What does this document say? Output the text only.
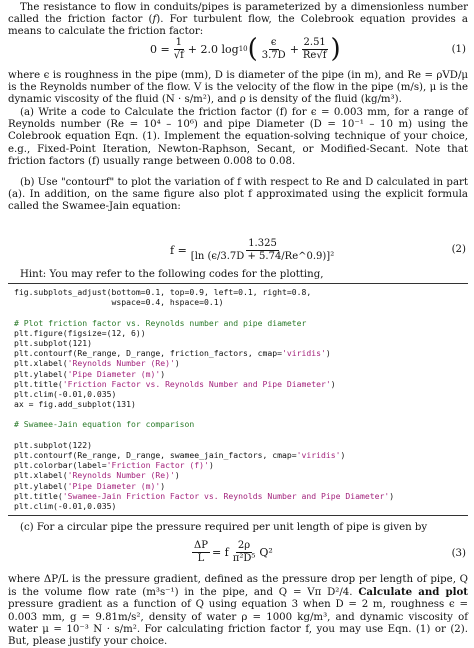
The resistance to flow in conduits/pipes is parameterized by a dimensionless number called the friction factor (f). For turbulent flow, the Colebrook equation provides a means to calculate the friction factor:

$0 = \frac{1}{√f} + 2.0$ log 10 ( $\frac{\epsilon}{3.7D} + \frac{2.51}{Re√f}$ )	(1)

where ϵ is roughness in the pipe (mm), D is diameter of the pipe (in m), and Re = ρVD/μ is the Reynolds number of the flow. V is the velocity of the flow in the pipe (m/s), μ is the dynamic viscosity of the fluid (N · s/m²), and ρ is density of the fluid (kg/m³).

(a) Write a code to Calculate the friction factor (f) for ϵ = 0.003 mm, for a range of Reynolds number (Re = 10⁴ – 10⁶) and pipe Diameter (D = 10⁻¹ – 10 m) using the Colebrook equation Eqn. (1). Implement the equation-solving technique of your choice, e.g., Fixed-Point Iteration, Newton-Raphson, Secant, or Modified-Secant. Note that friction factors (f) usually range between 0.008 to 0.08.

(b) Use "contourf" to plot the variation of f with respect to Re and D calculated in part (a). In addition, on the same figure also plot f approximated using the explicit formula called the Swamee-Jain equation:

$f = \frac{1.325}{\text{[ln (ϵ/3.7D + 5.74/Re\textasciicircum{}0.9)]²}}$	(2)

Hint: You may refer to the following codes for the plotting,

fig.subplots_adjust(bottom=0.1, top=0.9, left=0.1, right=0.8,
wspace=0.4, hspace=0.1)
# Plot friction factor vs. Reynolds number and pipe diameter
plt.figure(figsize=(12, 6))
plt.subplot(121)
plt.contourf(Re_range, D_range, friction_factors, cmap='viridis')
plt.xlabel('Reynolds Number (Re)')
plt.ylabel('Pipe Diameter (m)')
plt.title('Friction Factor vs. Reynolds Number and Pipe Diameter')
plt.clim(-0.01,0.035)
ax = fig.add_subplot(131)
# Swamee-Jain equation for comparison
plt.subplot(122)
plt.contourf(Re_range, D_range, swamee_jain_factors, cmap='viridis')
plt.colorbar(label='Friction Factor (f)')
plt.xlabel('Reynolds Number (Re)')
plt.ylabel('Pipe Diameter (m)')
plt.title('Swamee-Jain Friction Factor vs. Reynolds Number and Pipe Diameter')
plt.clim(-0.01,0.035)

(c) For a circular pipe the pressure required per unit length of pipe is given by

$\frac{\Delta P}{L} = f \frac{2\rho}{\text{π²D⁵}} Q^2$	(3)

where ΔP/L is the pressure gradient, defined as the pressure drop per length of pipe, Q is the volume flow rate (m³s⁻¹) in the pipe, and Q = Vπ D²/4. Calculate and plot pressure gradient as a function of Q using equation 3 when D = 2 m, roughness ϵ = 0.003 mm, g = 9.81m/s², density of water ρ = 1000 kg/m³, and dynamic viscosity of water μ = 10⁻³ N · s/m². For calculating friction factor f, you may use Eqn. (1) or (2). But, please justify your choice.
